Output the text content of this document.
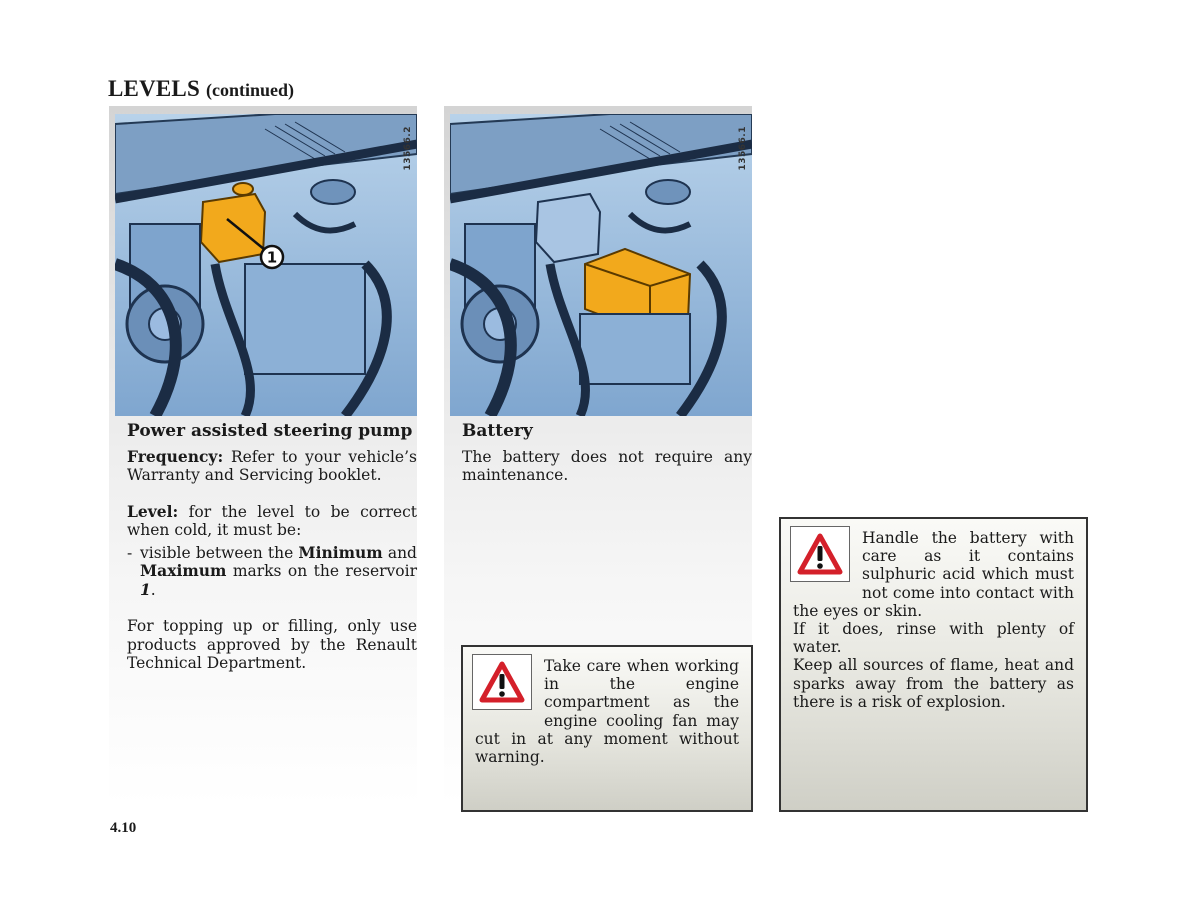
LEVELS (continued)
1
13566.2
Power assisted steering pump
Frequency: Refer to your vehicle’s Warranty and Servicing booklet.
Level: for the level to be correct when cold, it must be:
- visible between the Minimum and Maximum marks on the reservoir 1.
For topping up or filling, only use products approved by the Renault Technical Department.
13566.1
Battery
The battery does not require any maintenance.

Take care when working in the engine compartment as the engine cooling fan may cut in at any moment without warning.

Handle the battery with care as it contains sulphuric acid which must not come into contact with the eyes or skin.

If it does, rinse with plenty of water.

Keep all sources of flame, heat and sparks away from the battery as there is a risk of explosion.

4.10
